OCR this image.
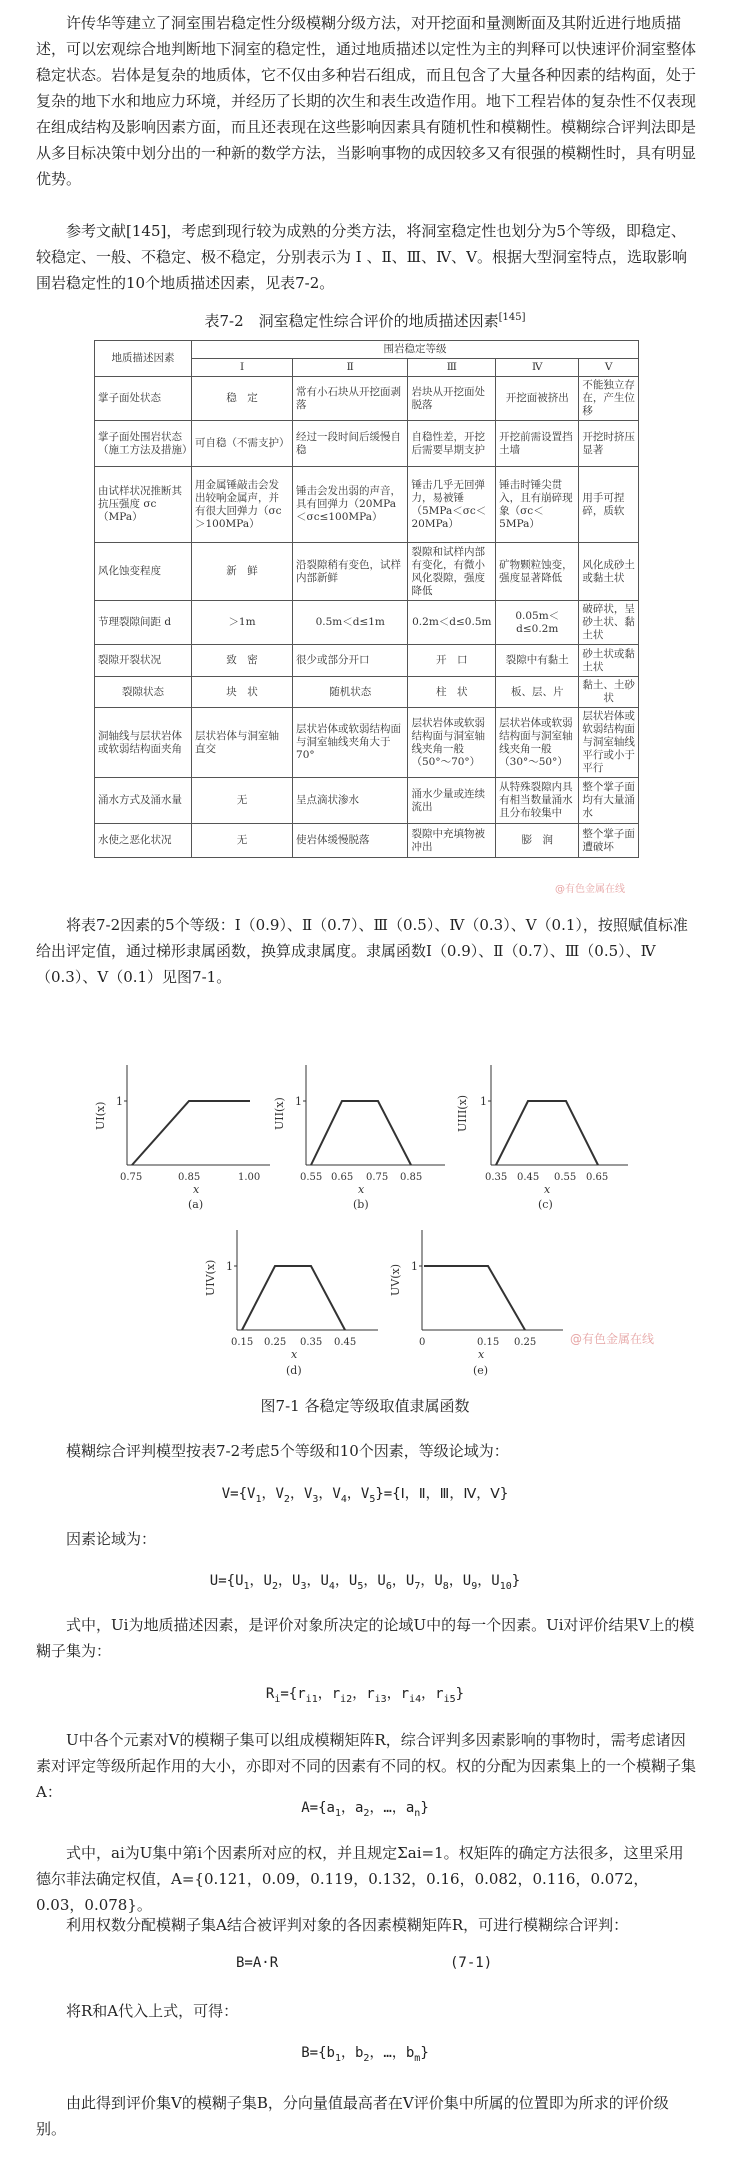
许传华等建立了洞室围岩稳定性分级模糊分级方法，对开挖面和量测断面及其附近进行地质描述，可以宏观综合地判断地下洞室的稳定性，通过地质描述以定性为主的判释可以快速评价洞室整体稳定状态。岩体是复杂的地质体，它不仅由多种岩石组成，而且包含了大量各种因素的结构面，处于复杂的地下水和地应力环境，并经历了长期的次生和表生改造作用。地下工程岩体的复杂性不仅表现在组成结构及影响因素方面，而且还表现在这些影响因素具有随机性和模糊性。模糊综合评判法即是从多目标决策中划分出的一种新的数学方法，当影响事物的成因较多又有很强的模糊性时，具有明显优势。

参考文献[145]，考虑到现行较为成熟的分类方法，将洞室稳定性也划分为5个等级，即稳定、较稳定、一般、不稳定、极不稳定，分别表示为 Ⅰ 、Ⅱ、Ⅲ、Ⅳ、Ⅴ。根据大型洞室特点，选取影响围岩稳定性的10个地质描述因素，见表7-2。

表7-2　洞室稳定性综合评价的地质描述因素[145]
地质描述因素	围岩稳定等级				
	Ⅰ	Ⅱ	Ⅲ	Ⅳ	Ⅴ
掌子面处状态	稳　定	常有小石块从开挖面剥落	岩块从开挖面处脱落	开挖面被挤出	不能独立存在，产生位移
掌子面处围岩状态（施工方法及措施）	可自稳（不需支护）	经过一段时间后缓慢自稳	自稳性差，开挖后需要早期支护	开挖前需设置挡土墙	开挖时挤压显著
由试样状况推断其抗压强度 σc（MPa）	用金属锤敲击会发出较响金属声，并有很大回弹力（σc＞100MPa）	锤击会发出弱的声音，具有回弹力（20MPa＜σc≤100MPa）	锤击几乎无回弹力，易被锤（5MPa＜σc＜20MPa）	锤击时锤尖贯入，且有崩碎现象（σc＜5MPa）	用手可捏碎，质软
风化蚀变程度	新　鲜	沿裂隙稍有变色，试样内部新鲜	裂隙和试样内部有变化，有微小风化裂隙，强度降低	矿物颗粒蚀变，强度显著降低	风化成砂土或黏土状
节理裂隙间距 d	＞1m	0.5m＜d≤1m	0.2m＜d≤0.5m	0.05m＜d≤0.2m	破碎状，呈砂土状、黏土状
裂隙开裂状况	致　密	很少或部分开口	开　口	裂隙中有黏土	砂土状或黏土状
裂隙状态	块　状	随机状态	柱　状	板、层、片	黏土、土砂状
洞轴线与层状岩体或软弱结构面夹角	层状岩体与洞室轴直交	层状岩体或软弱结构面与洞室轴线夹角大于70°	层状岩体或软弱结构面与洞室轴线夹角一般（50°～70°）	层状岩体或软弱结构面与洞室轴线夹角一般（30°～50°）	层状岩体或软弱结构面与洞室轴线平行或小于平行
涌水方式及涌水量	无	呈点滴状渗水	涌水少量或连续流出	从特殊裂隙内具有相当数量涌水且分布较集中	整个掌子面均有大量涌水
水使之恶化状况	无	使岩体缓慢脱落	裂隙中充填物被冲出	膨　润	整个掌子面遭破坏
@有色金属在线

将表7-2因素的5个等级：Ⅰ（0.9）、Ⅱ（0.7）、Ⅲ（0.5）、Ⅳ（0.3）、Ⅴ（0.1），按照赋值标准给出评定值，通过梯形隶属函数，换算成隶属度。隶属函数Ⅰ（0.9）、Ⅱ（0.7）、Ⅲ（0.5）、Ⅳ（0.3）、Ⅴ（0.1）见图7-1。

1
UI(x)
0.75	0.85	1.00
x
(a)
1
UII(x)
0.55 0.65 0.75 0.85
x
(b)
1
UIII(x)
0.35 0.45 0.55 0.65
x
(c)
1
UIV(x)
0.15 0.25 0.35 0.45
x
(d)
1
UV(x)
0	0.15 0.25
x
(e)
@有色金属在线
图7-1 各稳定等级取值隶属函数

模糊综合评判模型按表7-2考虑5个等级和10个因素，等级论域为：

$V=\{V_1$，$V_2$，$V_3$，$V_4$，$V_5\}=\{Ⅰ$，Ⅱ，Ⅲ，Ⅳ，Ⅴ}

因素论域为：

$U=\{U_1$，$U_2$，$U_3$，$U_4$，$U_5$，$U_6$，$U_7$，$U_8$，$U_9$，$U_{10}$}

式中，Ui为地质描述因素，是评价对象所决定的论域U中的每一个因素。Ui对评价结果V上的模糊子集为：

$R_i=\{r_{i1}$，$r_{i2}$，$r_{i3}$，$r_{i4}$，$r_{i5}$}

U中各个元素对V的模糊子集可以组成模糊矩阵R，综合评判多因素影响的事物时，需考虑诸因素对评定等级所起作用的大小，亦即对不同的因素有不同的权。权的分配为因素集上的一个模糊子集A：

$A=\{a_1$，$a_2$，…，$a_n$}

式中，ai为U集中第i个因素所对应的权，并且规定Σai=1。权矩阵的确定方法很多，这里采用德尔菲法确定权值，A={0.121，0.09，0.119，0.132，0.16，0.082，0.116，0.072，0.03，0.078}。

利用权数分配模糊子集A结合被评判对象的各因素模糊矩阵R，可进行模糊综合评判：

B=A·R	(7-1)

将R和A代入上式，可得：

$B=\{b_1$，$b_2$，…，$b_m$}

由此得到评价集V的模糊子集B，分向量值最高者在V评价集中所属的位置即为所求的评价级别。
